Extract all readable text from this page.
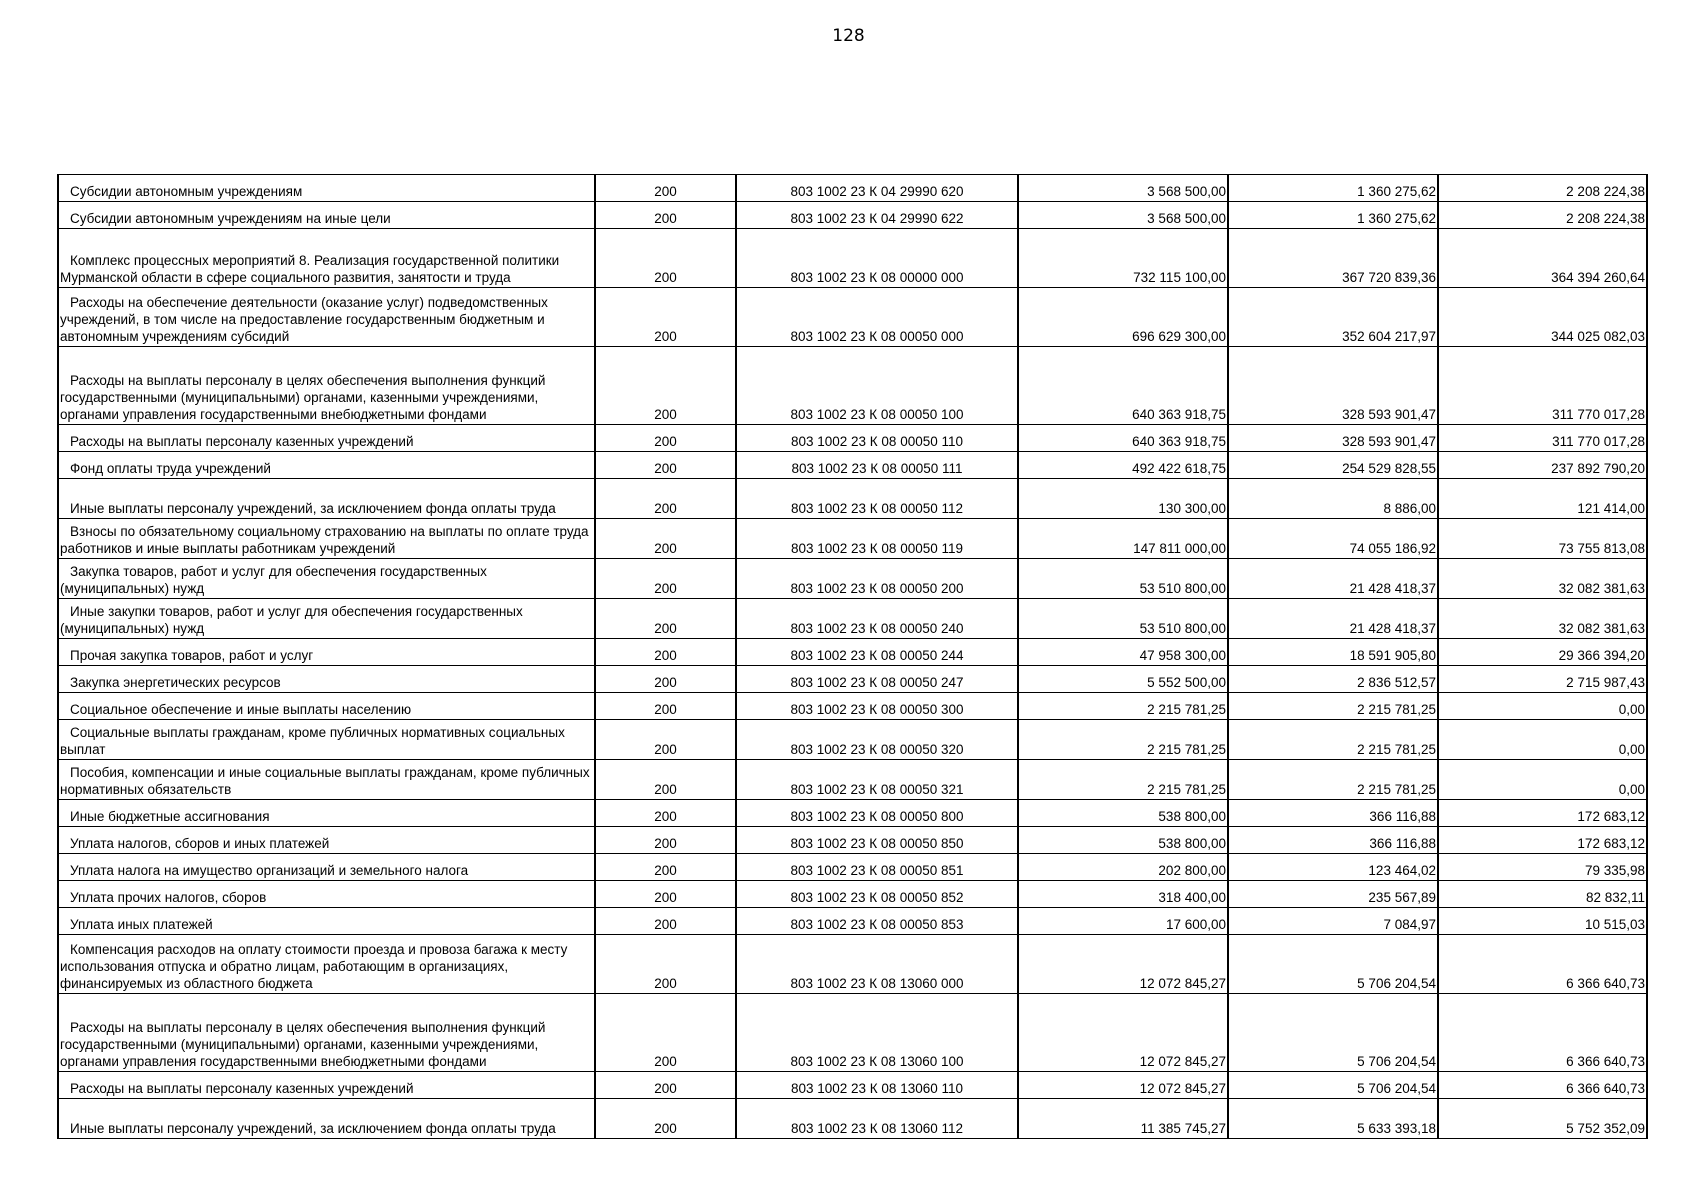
128
Субсидии автономным учреждениям	200	803 1002 23 К 04 29990 620	3 568 500,00	1 360 275,62	2 208 224,38
Субсидии автономным учреждениям на иные цели	200	803 1002 23 К 04 29990 622	3 568 500,00	1 360 275,62	2 208 224,38
Комплекс процессных мероприятий 8. Реализация государственной политики Мурманской области в сфере социального развития, занятости и труда	200	803 1002 23 К 08 00000 000	732 115 100,00	367 720 839,36	364 394 260,64
Расходы на обеспечение деятельности (оказание услуг) подведомственных учреждений, в том числе на предоставление государственным бюджетным и автономным учреждениям субсидий	200	803 1002 23 К 08 00050 000	696 629 300,00	352 604 217,97	344 025 082,03
Расходы на выплаты персоналу в целях обеспечения выполнения функций государственными (муниципальными) органами, казенными учреждениями, органами управления государственными внебюджетными фондами	200	803 1002 23 К 08 00050 100	640 363 918,75	328 593 901,47	311 770 017,28
Расходы на выплаты персоналу казенных учреждений	200	803 1002 23 К 08 00050 110	640 363 918,75	328 593 901,47	311 770 017,28
Фонд оплаты труда учреждений	200	803 1002 23 К 08 00050 111	492 422 618,75	254 529 828,55	237 892 790,20
Иные выплаты персоналу учреждений, за исключением фонда оплаты труда	200	803 1002 23 К 08 00050 112	130 300,00	8 886,00	121 414,00
Взносы по обязательному социальному страхованию на выплаты по оплате труда работников и иные выплаты работникам учреждений	200	803 1002 23 К 08 00050 119	147 811 000,00	74 055 186,92	73 755 813,08
Закупка товаров, работ и услуг для обеспечения государственных (муниципальных) нужд	200	803 1002 23 К 08 00050 200	53 510 800,00	21 428 418,37	32 082 381,63
Иные закупки товаров, работ и услуг для обеспечения государственных (муниципальных) нужд	200	803 1002 23 К 08 00050 240	53 510 800,00	21 428 418,37	32 082 381,63
Прочая закупка товаров, работ и услуг	200	803 1002 23 К 08 00050 244	47 958 300,00	18 591 905,80	29 366 394,20
Закупка энергетических ресурсов	200	803 1002 23 К 08 00050 247	5 552 500,00	2 836 512,57	2 715 987,43
Социальное обеспечение и иные выплаты населению	200	803 1002 23 К 08 00050 300	2 215 781,25	2 215 781,25	0,00
Социальные выплаты гражданам, кроме публичных нормативных социальных выплат	200	803 1002 23 К 08 00050 320	2 215 781,25	2 215 781,25	0,00
Пособия, компенсации и иные социальные выплаты гражданам, кроме публичных нормативных обязательств	200	803 1002 23 К 08 00050 321	2 215 781,25	2 215 781,25	0,00
Иные бюджетные ассигнования	200	803 1002 23 К 08 00050 800	538 800,00	366 116,88	172 683,12
Уплата налогов, сборов и иных платежей	200	803 1002 23 К 08 00050 850	538 800,00	366 116,88	172 683,12
Уплата налога на имущество организаций и земельного налога	200	803 1002 23 К 08 00050 851	202 800,00	123 464,02	79 335,98
Уплата прочих налогов, сборов	200	803 1002 23 К 08 00050 852	318 400,00	235 567,89	82 832,11
Уплата иных платежей	200	803 1002 23 К 08 00050 853	17 600,00	7 084,97	10 515,03
Компенсация расходов на оплату стоимости проезда и провоза багажа к месту использования отпуска и обратно лицам, работающим в организациях, финансируемых из областного бюджета	200	803 1002 23 К 08 13060 000	12 072 845,27	5 706 204,54	6 366 640,73
Расходы на выплаты персоналу в целях обеспечения выполнения функций государственными (муниципальными) органами, казенными учреждениями, органами управления государственными внебюджетными фондами	200	803 1002 23 К 08 13060 100	12 072 845,27	5 706 204,54	6 366 640,73
Расходы на выплаты персоналу казенных учреждений	200	803 1002 23 К 08 13060 110	12 072 845,27	5 706 204,54	6 366 640,73
Иные выплаты персоналу учреждений, за исключением фонда оплаты труда	200	803 1002 23 К 08 13060 112	11 385 745,27	5 633 393,18	5 752 352,09
